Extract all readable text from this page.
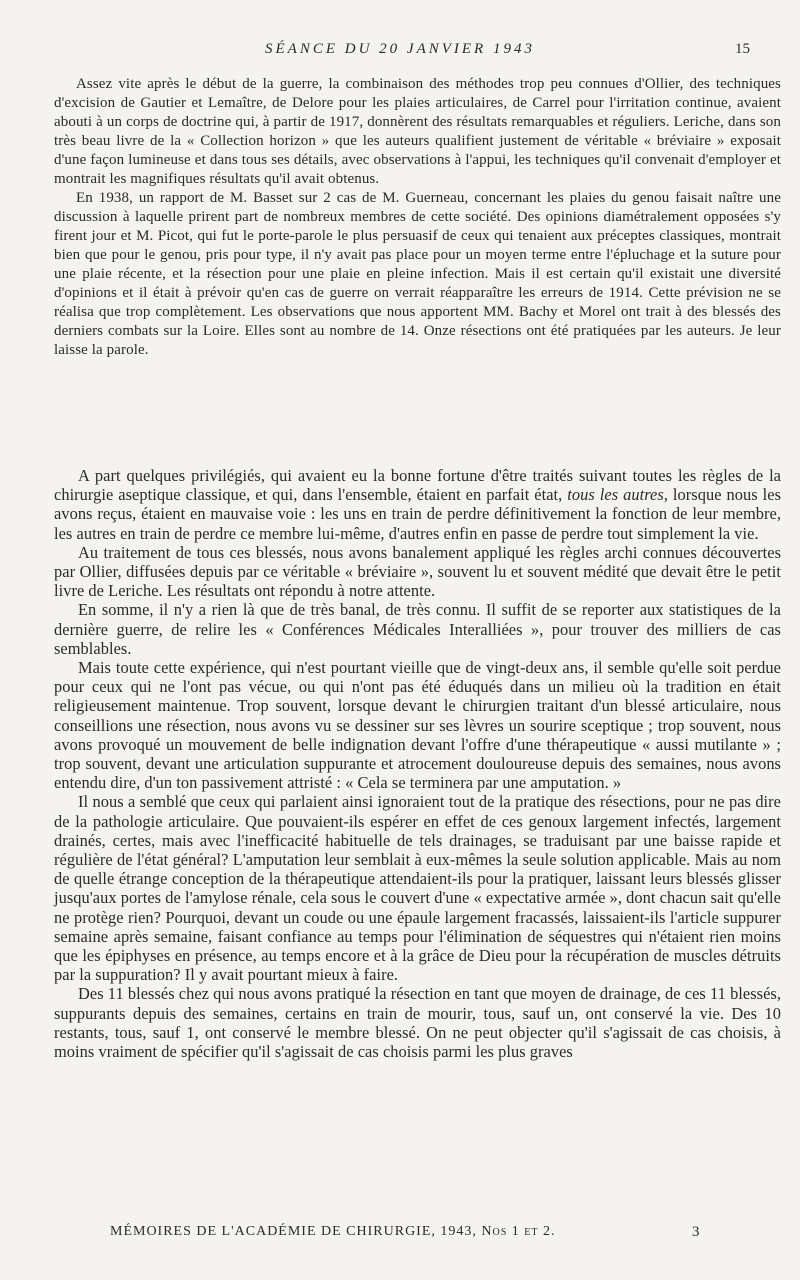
SÉANCE DU 20 JANVIER 1943	15

Assez vite après le début de la guerre, la combinaison des méthodes trop peu connues d'Ollier, des techniques d'excision de Gautier et Lemaître, de Delore pour les plaies articulaires, de Carrel pour l'irritation continue, avaient abouti à un corps de doctrine qui, à partir de 1917, donnèrent des résultats remarquables et réguliers. Leriche, dans son très beau livre de la « Collection horizon » que les auteurs qualifient justement de véritable « bréviaire » exposait d'une façon lumineuse et dans tous ses détails, avec observations à l'appui, les techniques qu'il convenait d'employer et montrait les magnifiques résultats qu'il avait obtenus.

En 1938, un rapport de M. Basset sur 2 cas de M. Guerneau, concernant les plaies du genou faisait naître une discussion à laquelle prirent part de nombreux membres de cette société. Des opinions diamétralement opposées s'y firent jour et M. Picot, qui fut le porte-parole le plus persuasif de ceux qui tenaient aux préceptes classiques, montrait bien que pour le genou, pris pour type, il n'y avait pas place pour un moyen terme entre l'épluchage et la suture pour une plaie récente, et la résection pour une plaie en pleine infection. Mais il est certain qu'il existait une diversité d'opinions et il était à prévoir qu'en cas de guerre on verrait réapparaître les erreurs de 1914. Cette prévision ne se réalisa que trop complètement. Les observations que nous apportent MM. Bachy et Morel ont trait à des blessés des derniers combats sur la Loire. Elles sont au nombre de 14. Onze résections ont été pratiquées par les auteurs. Je leur laisse la parole.

A part quelques privilégiés, qui avaient eu la bonne fortune d'être traités suivant toutes les règles de la chirurgie aseptique classique, et qui, dans l'ensemble, étaient en parfait état, tous les autres, lorsque nous les avons reçus, étaient en mauvaise voie : les uns en train de perdre définitivement la fonction de leur membre, les autres en train de perdre ce membre lui-même, d'autres enfin en passe de perdre tout simplement la vie.

Au traitement de tous ces blessés, nous avons banalement appliqué les règles archi connues découvertes par Ollier, diffusées depuis par ce véritable « bréviaire », souvent lu et souvent médité que devait être le petit livre de Leriche. Les résultats ont répondu à notre attente.

En somme, il n'y a rien là que de très banal, de très connu. Il suffit de se reporter aux statistiques de la dernière guerre, de relire les « Conférences Médicales Interalliées », pour trouver des milliers de cas semblables.

Mais toute cette expérience, qui n'est pourtant vieille que de vingt-deux ans, il semble qu'elle soit perdue pour ceux qui ne l'ont pas vécue, ou qui n'ont pas été éduqués dans un milieu où la tradition en était religieusement maintenue. Trop souvent, lorsque devant le chirurgien traitant d'un blessé articulaire, nous conseillions une résection, nous avons vu se dessiner sur ses lèvres un sourire sceptique ; trop souvent, nous avons provoqué un mouvement de belle indignation devant l'offre d'une thérapeutique « aussi mutilante » ; trop souvent, devant une articulation suppurante et atrocement douloureuse depuis des semaines, nous avons entendu dire, d'un ton passivement attristé : « Cela se terminera par une amputation. »

Il nous a semblé que ceux qui parlaient ainsi ignoraient tout de la pratique des résections, pour ne pas dire de la pathologie articulaire. Que pouvaient-ils espérer en effet de ces genoux largement infectés, largement drainés, certes, mais avec l'inefficacité habituelle de tels drainages, se traduisant par une baisse rapide et régulière de l'état général? L'amputation leur semblait à eux-mêmes la seule solution applicable. Mais au nom de quelle étrange conception de la thérapeutique attendaient-ils pour la pratiquer, laissant leurs blessés glisser jusqu'aux portes de l'amylose rénale, cela sous le couvert d'une « expectative armée », dont chacun sait qu'elle ne protège rien? Pourquoi, devant un coude ou une épaule largement fracassés, laissaient-ils l'article suppurer semaine après semaine, faisant confiance au temps pour l'élimination de séquestres qui n'étaient rien moins que les épiphyses en présence, au temps encore et à la grâce de Dieu pour la récupération de muscles détruits par la suppuration? Il y avait pourtant mieux à faire.

Des 11 blessés chez qui nous avons pratiqué la résection en tant que moyen de drainage, de ces 11 blessés, suppurants depuis des semaines, certains en train de mourir, tous, sauf un, ont conservé la vie. Des 10 restants, tous, sauf 1, ont conservé le membre blessé. On ne peut objecter qu'il s'agissait de cas choisis, à moins vraiment de spécifier qu'il s'agissait de cas choisis parmi les plus graves

MÉMOIRES DE L'ACADÉMIE DE CHIRURGIE, 1943, Nos 1 et 2.	3
